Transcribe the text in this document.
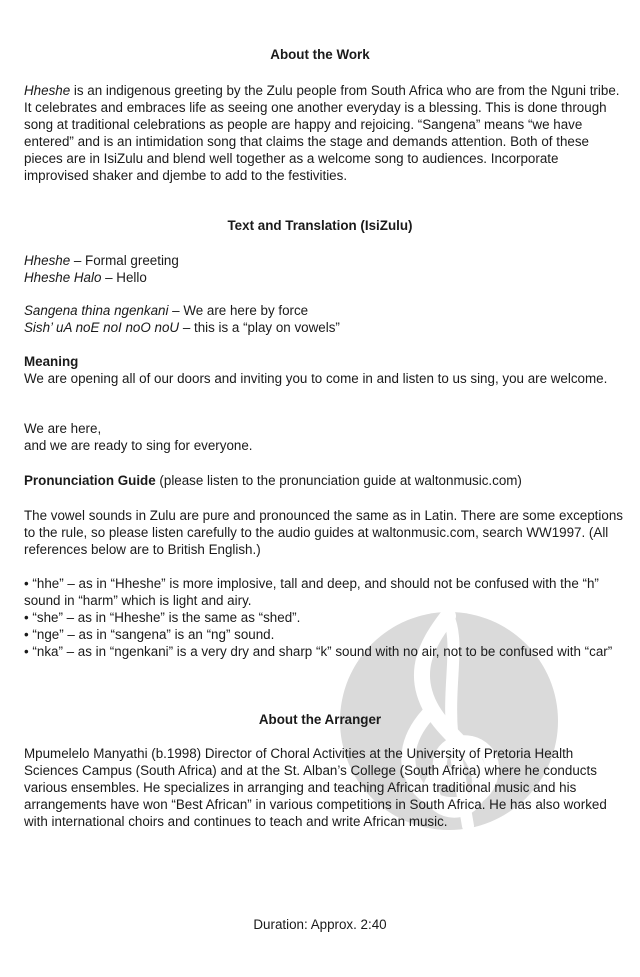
About the Work
Hheshe is an indigenous greeting by the Zulu people from South Africa who are from the Nguni tribe. It celebrates and embraces life as seeing one another everyday is a blessing. This is done through song at traditional celebrations as people are happy and rejoicing. “Sangena” means “we have entered” and is an intimidation song that claims the stage and demands attention. Both of these pieces are in IsiZulu and blend well together as a welcome song to audiences. Incorporate improvised shaker and djembe to add to the festivities.
Text and Translation (IsiZulu)
Hheshe – Formal greeting
Hheshe Halo – Hello
Sangena thina ngenkani – We are here by force
Sish’ uA noE noI noO noU – this is a “play on vowels”
Meaning
We are opening all of our doors and inviting you to come in and listen to us sing, you are welcome.
We are here,
and we are ready to sing for everyone.
Pronunciation Guide (please listen to the pronunciation guide at waltonmusic.com)
The vowel sounds in Zulu are pure and pronounced the same as in Latin. There are some exceptions to the rule, so please listen carefully to the audio guides at waltonmusic.com, search WW1997. (All references below are to British English.)
• “hhe” – as in “Hheshe” is more implosive, tall and deep, and should not be confused with the “h” sound in “harm” which is light and airy.
• “she” – as in “Hheshe” is the same as “shed”.
• “nge” – as in “sangena” is an “ng” sound.
• “nka” – as in “ngenkani” is a very dry and sharp “k” sound with no air, not to be confused with “car”
About the Arranger
Mpumelelo Manyathi (b.1998) Director of Choral Activities at the University of Pretoria Health Sciences Campus (South Africa) and at the St. Alban’s College (South Africa) where he conducts various ensembles. He specializes in arranging and teaching African traditional music and his arrangements have won “Best African” in various competitions in South Africa. He has also worked with international choirs and continues to teach and write African music.
Duration: Approx. 2:40
